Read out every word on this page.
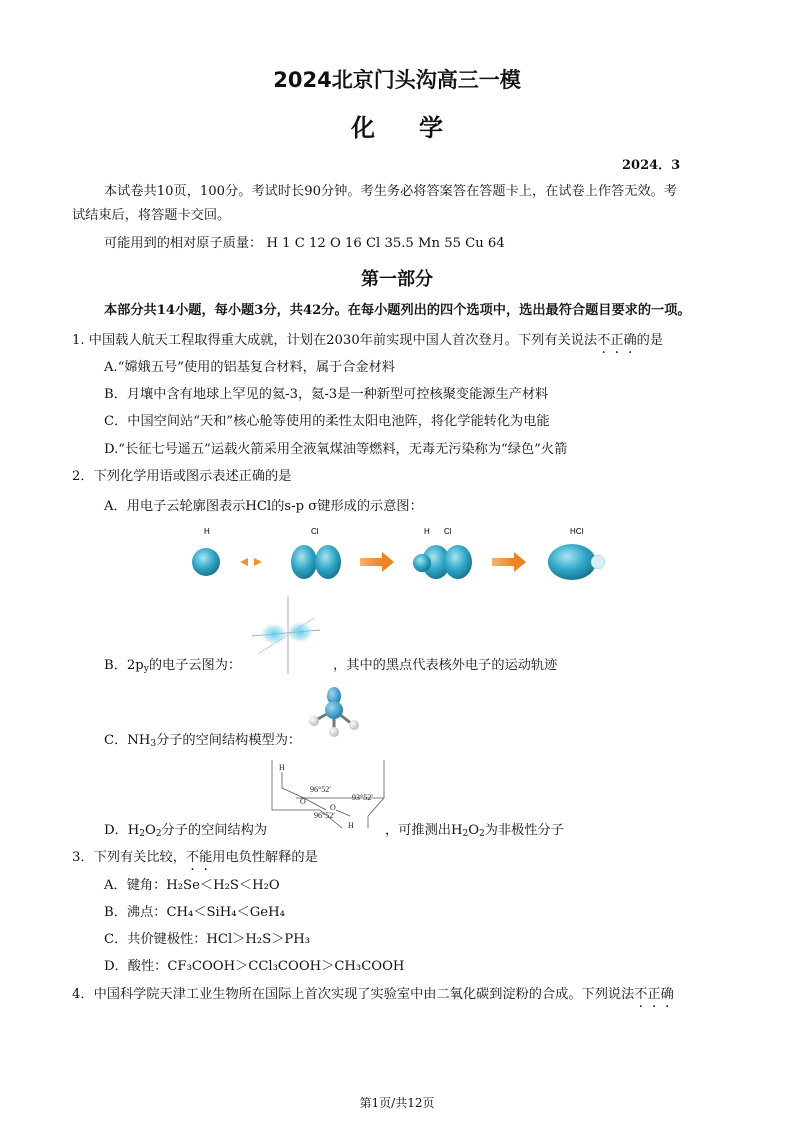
2024北京门头沟高三一模
化学
2024．3
本试卷共10页，100分。考试时长90分钟。考生务必将答案答在答题卡上，在试卷上作答无效。考
试结束后，将答题卡交回。
可能用到的相对原子质量： H 1 C 12 O 16 Cl 35.5 Mn 55 Cu 64
第一部分
本部分共14小题，每小题3分，共42分。在每小题列出的四个选项中，选出最符合题目要求的一项。
1. 中国载人航天工程取得重大成就，计划在2030年前实现中国人首次登月。下列有关说法不正确的是
A.“嫦娥五号”使用的铝基复合材料，属于合金材料
B．月壤中含有地球上罕见的氦-3，氦-3是一种新型可控核聚变能源生产材料
C．中国空间站“天和”核心舱等使用的柔性太阳电池阵，将化学能转化为电能
D.“长征七号遥五”运载火箭采用全液氧煤油等燃料，无毒无污染称为“绿色”火箭
2．下列化学用语或图示表述正确的是
A．用电子云轮廓图表示HCl的s-p σ键形成的示意图：
H	Cl	H Cl	HCl
B．$2p_y$的电子云图为：	，其中的黑点代表核外电子的运动轨迹
C．$NH_3$分子的空间结构模型为：
H
96°52′
O
O
93°52′
96°52′
H
D．$H_2O_2$分子的空间结构为	，可推测出$H_2O_2$为非极性分子
3．下列有关比较，不能用电负性解释的是
A．键角：H₂Se＜H₂S＜H₂O
B．沸点：CH₄＜SiH₄＜GeH₄
C．共价键极性：HCl＞H₂S＞PH₃
D．酸性：CF₃COOH＞CCl₃COOH＞CH₃COOH
4．中国科学院天津工业生物所在国际上首次实现了实验室中由二氧化碳到淀粉的合成。下列说法不正确
第1页/共12页
